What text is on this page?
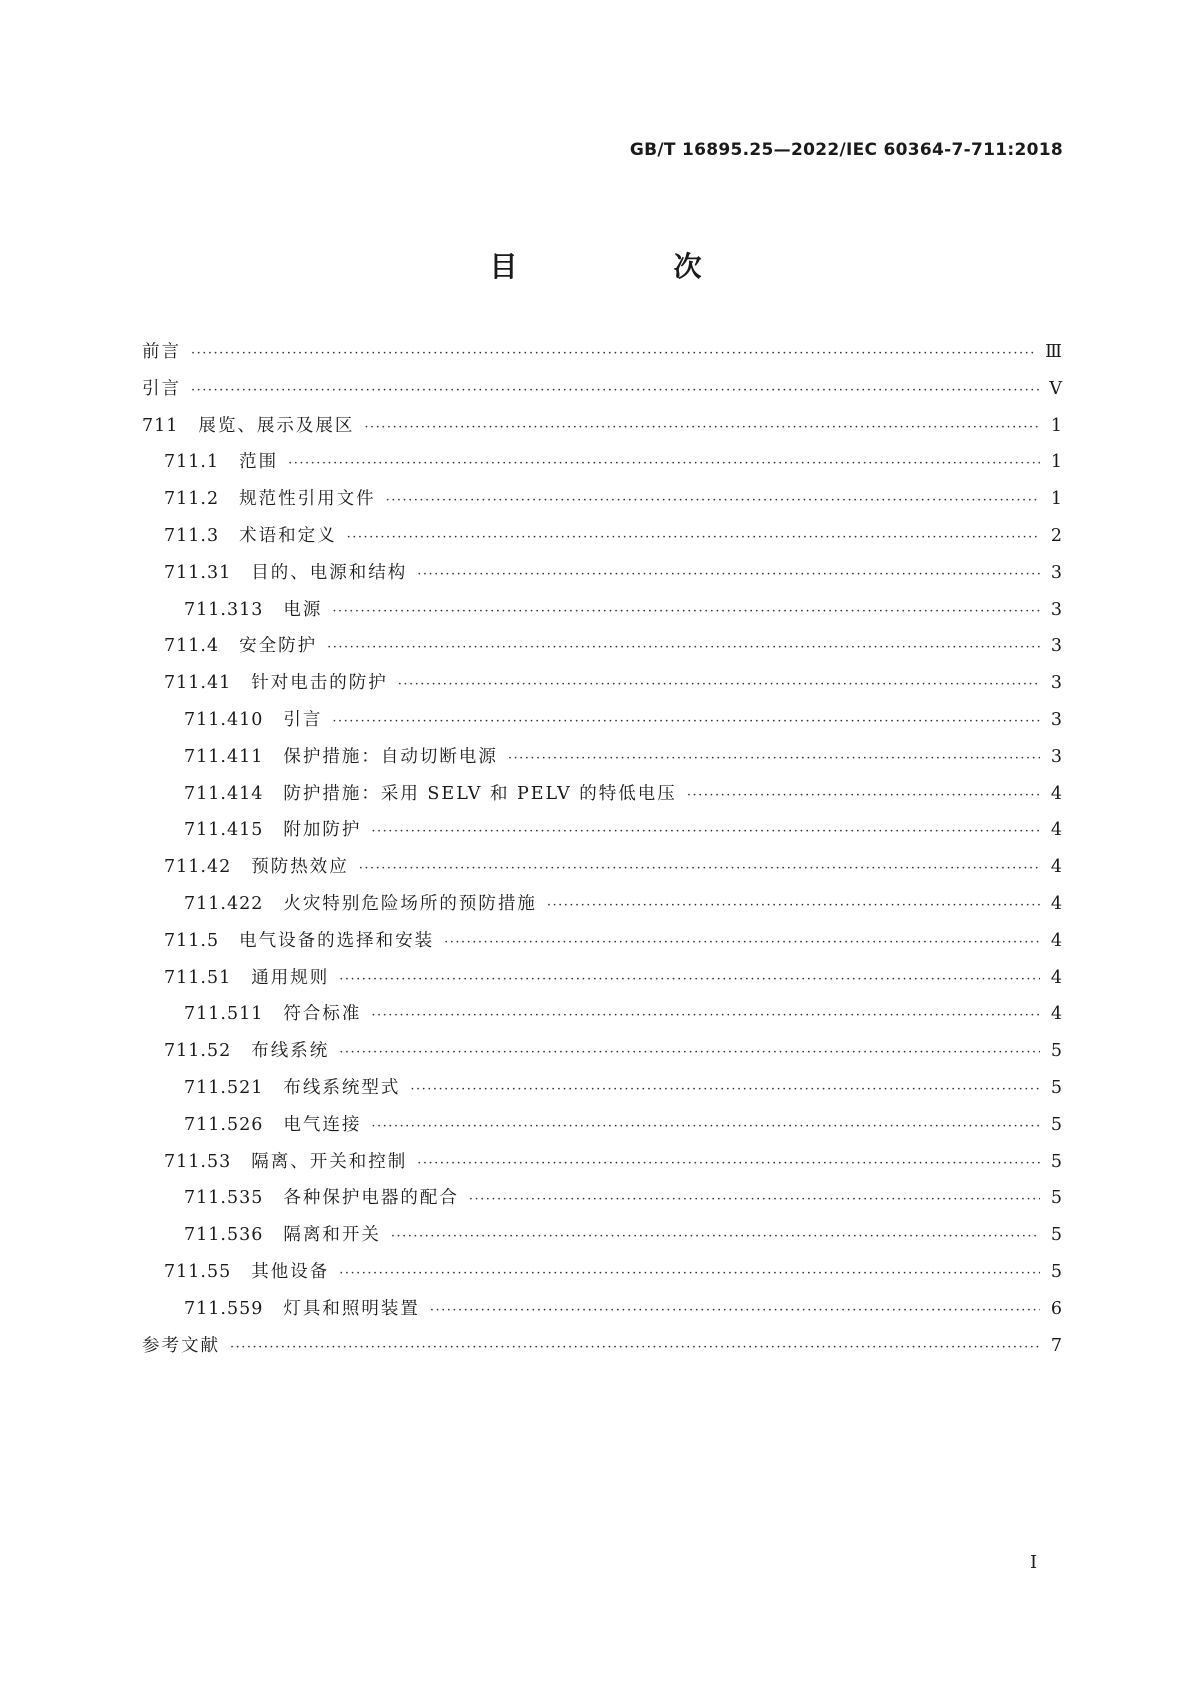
GB/T 16895.25—2022/IEC 60364-7-711:2018
目　次
前言 ·····	Ⅲ
引言 ·····	Ⅴ
711 展览、展示及展区 ·····	1
711.1 范围 ·····	1
711.2 规范性引用文件 ·····	1
711.3 术语和定义 ·····	2
711.31 目的、电源和结构 ·····	3
711.313 电源 ·····	3
711.4 安全防护 ·····	3
711.41 针对电击的防护 ·····	3
711.410 引言 ·····	3
711.411 保护措施：自动切断电源 ·····	3
711.414 防护措施：采用 SELV 和 PELV 的特低电压 ·····	4
711.415 附加防护 ·····	4
711.42 预防热效应 ·····	4
711.422 火灾特别危险场所的预防措施 ·····	4
711.5 电气设备的选择和安装 ·····	4
711.51 通用规则 ·····	4
711.511 符合标准 ·····	4
711.52 布线系统 ·····	5
711.521 布线系统型式 ·····	5
711.526 电气连接 ·····	5
711.53 隔离、开关和控制 ·····	5
711.535 各种保护电器的配合 ·····	5
711.536 隔离和开关 ·····	5
711.55 其他设备 ·····	5
711.559 灯具和照明装置 ·····	6
参考文献 ·····	7
Ⅰ
